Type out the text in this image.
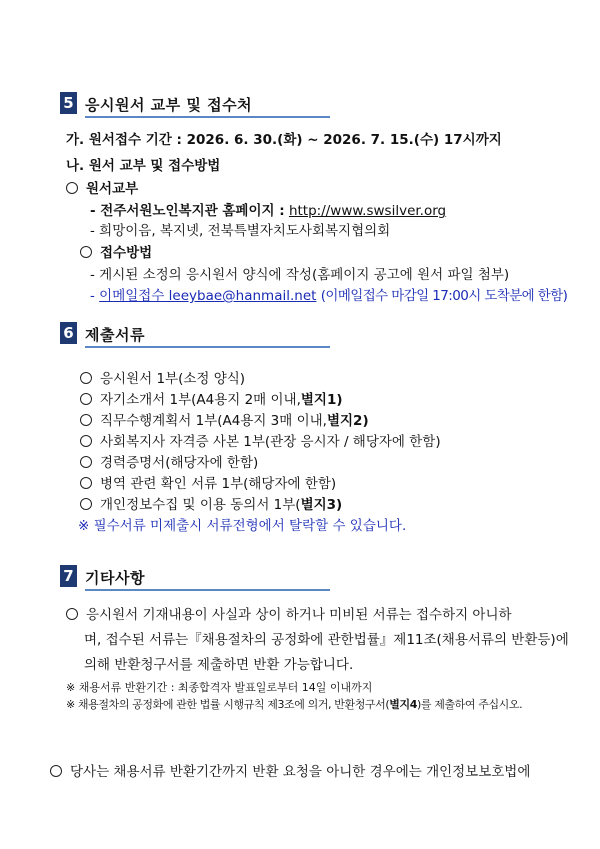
5 응시원서 교부 및 접수처
가. 원서접수 기간 : 2026. 6. 30.(화) ~ 2026. 7. 15.(수) 17시까지
나. 원서 교부 및 접수방법
원서교부
- 전주서원노인복지관 홈페이지 : http://www.swsilver.org
- 희망이음, 복지넷, 전북특별자치도사회복지협의회
접수방법
- 게시된 소정의 응시원서 양식에 작성(홈페이지 공고에 원서 파일 첨부)
- 이메일접수 leeybae@hanmail.net (이메일접수 마감일 17:00시 도착분에 한함)
6 제출서류
응시원서 1부(소정 양식)
자기소개서 1부(A4용지 2매 이내,별지1)
직무수행계획서 1부(A4용지 3매 이내,별지2)
사회복지사 자격증 사본 1부(관장 응시자 / 해당자에 한함)
경력증명서(해당자에 한함)
병역 관련 확인 서류 1부(해당자에 한함)
개인정보수집 및 이용 동의서 1부(별지3)
※ 필수서류 미제출시 서류전형에서 탈락할 수 있습니다.
7 기타사항
응시원서 기재내용이 사실과 상이 하거나 미비된 서류는 접수하지 아니하
며, 접수된 서류는『채용절차의 공정화에 관한법률』제11조(채용서류의 반환등)에
의해 반환청구서를 제출하면 반환 가능합니다.
※ 채용서류 반환기간 : 최종합격자 발표일로부터 14일 이내까지
※ 채용절차의 공정화에 관한 법률 시행규칙 제3조에 의거, 반환청구서(별지4)를 제출하여 주십시오.
당사는 채용서류 반환기간까지 반환 요청을 아니한 경우에는 개인정보보호법에
